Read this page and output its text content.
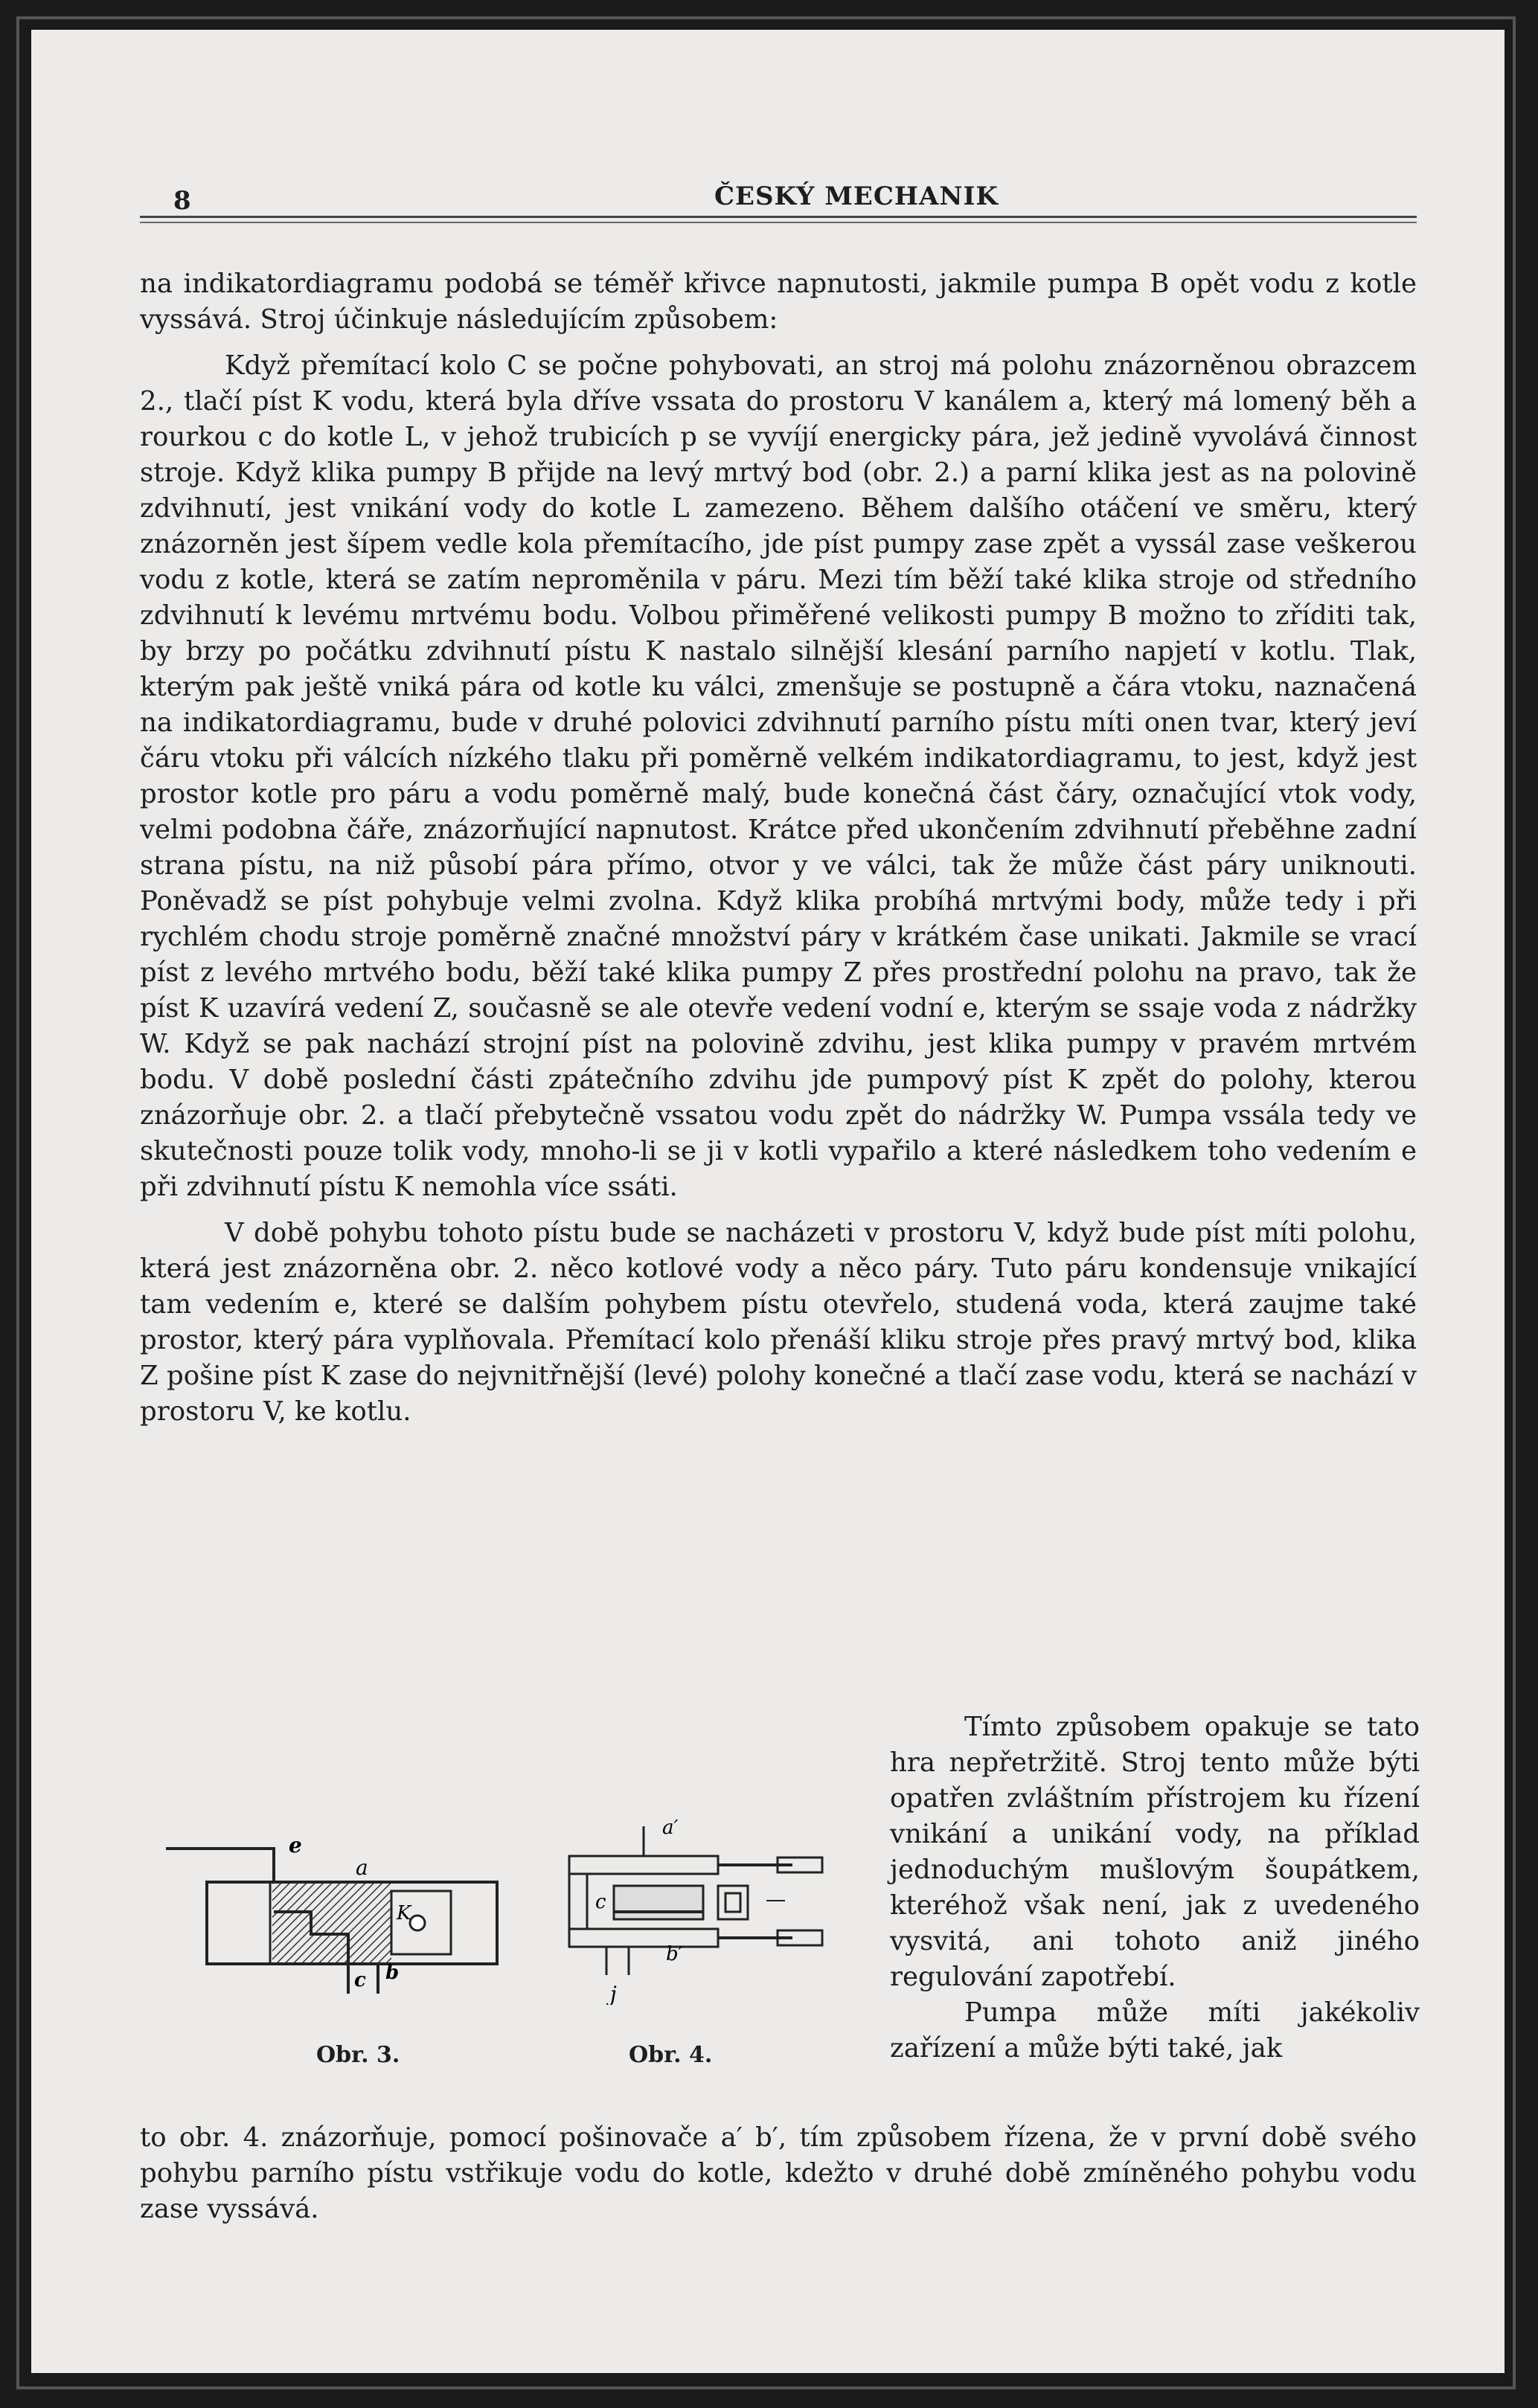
8	ČESKÝ MECHANIK

na indikatordiagramu podobá se téměř křivce napnutosti, jakmile pumpa B opět vodu z kotle vyssává. Stroj účinkuje následujícím způsobem:

Když přemítací kolo C se počne pohybovati, an stroj má polohu znázorněnou obrazcem 2., tlačí píst K vodu, která byla dříve vssata do prostoru V kanálem a, který má lomený běh a rourkou c do kotle L, v jehož trubicích p se vyvíjí energicky pára, jež jedině vyvolává činnost stroje. Když klika pumpy B přijde na levý mrtvý bod (obr. 2.) a parní klika jest as na polovině zdvihnutí, jest vnikání vody do kotle L zamezeno. Během dalšího otáčení ve směru, který znázorněn jest šípem vedle kola přemítacího, jde píst pumpy zase zpět a vyssál zase veškerou vodu z kotle, která se zatím neproměnila v páru. Mezi tím běží také klika stroje od středního zdvihnutí k levému mrtvému bodu. Volbou přiměřené velikosti pumpy B možno to zříditi tak, by brzy po počátku zdvihnutí pístu K nastalo silnější klesání parního napjetí v kotlu. Tlak, kterým pak ještě vniká pára od kotle ku válci, zmenšuje se postupně a čára vtoku, naznačená na indikatordiagramu, bude v druhé polovici zdvihnutí parního pístu míti onen tvar, který jeví čáru vtoku při válcích nízkého tlaku při poměrně velkém indikatordiagramu, to jest, když jest prostor kotle pro páru a vodu poměrně malý, bude konečná část čáry, označující vtok vody, velmi podobna čáře, znázorňující napnutost. Krátce před ukončením zdvihnutí přeběhne zadní strana pístu, na niž působí pára přímo, otvor y ve válci, tak že může část páry uniknouti. Poněvadž se píst pohybuje velmi zvolna. Když klika probíhá mrtvými body, může tedy i při rychlém chodu stroje poměrně značné množství páry v krátkém čase unikati. Jakmile se vrací píst z levého mrtvého bodu, běží také klika pumpy Z přes prostřední polohu na pravo, tak že píst K uzavírá vedení Z, současně se ale otevře vedení vodní e, kterým se ssaje voda z nádržky W. Když se pak nachází strojní píst na polovině zdvihu, jest klika pumpy v pravém mrtvém bodu. V době poslední části zpátečního zdvihu jde pumpový píst K zpět do polohy, kterou znázorňuje obr. 2. a tlačí přebytečně vssatou vodu zpět do nádržky W. Pumpa vssála tedy ve skutečnosti pouze tolik vody, mnoho-li se ji v kotli vypařilo a které následkem toho vedením e při zdvihnutí pístu K nemohla více ssáti.

V době pohybu tohoto pístu bude se nacházeti v prostoru V, když bude píst míti polohu, která jest znázorněna obr. 2. něco kotlové vody a něco páry. Tuto páru kondensuje vnikající tam vedením e, které se dalším pohybem pístu otevřelo, studená voda, která zaujme také prostor, který pára vyplňovala. Přemítací kolo přenáší kliku stroje přes pravý mrtvý bod, klika Z pošine píst K zase do nejvnitřnější (levé) polohy konečné a tlačí zase vodu, která se nachází v prostoru V, ke kotlu.

e
a
K
c b
a′
b′
c
j
Obr. 3.	Obr. 4.

Tímto způsobem opakuje se tato hra nepřetržitě. Stroj tento může býti opatřen zvláštním přístrojem ku řízení vnikání a unikání vody, na příklad jednoduchým mušlovým šoupátkem, kteréhož však není, jak z uvedeného vysvitá, ani tohoto aniž jiného regulování zapotřebí.

Pumpa může míti jakékoliv zařízení a může býti také, jak

to obr. 4. znázorňuje, pomocí pošinovače a′ b′, tím způsobem řízena, že v první době svého pohybu parního pístu vstřikuje vodu do kotle, kdežto v druhé době zmíněného pohybu vodu zase vyssává.
